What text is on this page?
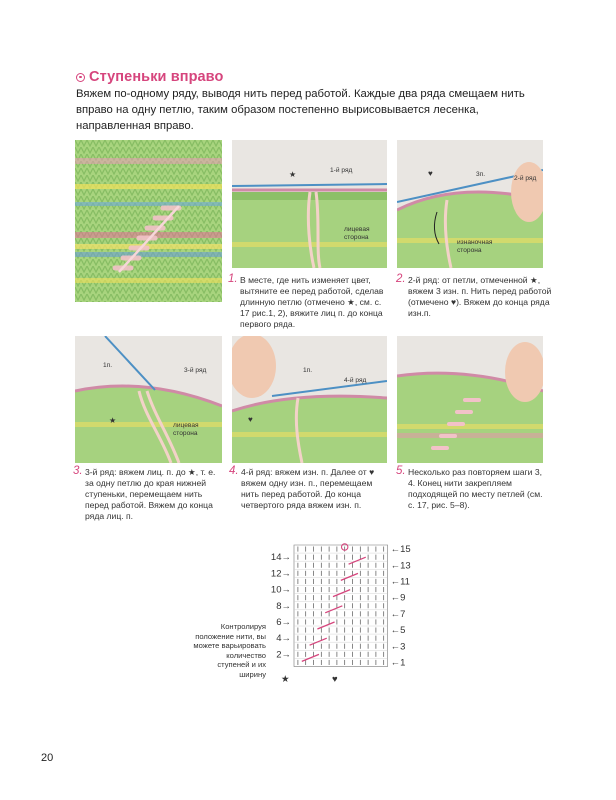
Ступеньки вправо
Вяжем по-одному ряду, выводя нить перед работой. Каждые два ряда смещаем нить вправо на одну петлю, таким образом постепенно вырисовывается лесенка, направленная вправо.
1-й ряд
лицевая сторона
★	3п.
2-й ряд
изнаночная сторона
♥
1. В месте, где нить изменяет цвет, вытяните ее перед работой, сделав длинную петлю (отмечено ★, см. с. 17 рис.1, 2), вяжите лиц п. до конца первого ряда.
2. 2-й ряд: от петли, отмеченной ★, вяжем 3 изн. п. Нить перед работой (отмечено ♥). Вяжем до конца ряда изн.п.
1п.
3-й ряд
лицевая сторона
★
1п.
4-й ряд
♥
3. 3-й ряд: вяжем лиц. п. до ★, т. е. за одну петлю до края нижней ступеньки, перемещаем нить перед работой. Вяжем до конца ряда лиц. п.
4. 4-й ряд: вяжем изн. п. Далее от ♥ вяжем одну изн. п., перемещаем нить перед работой. До конца четвертого ряда вяжем изн. п.
5. Несколько раз повторяем шаги 3, 4. Конец нити закрепляем подходящей по месту петлей (см. с. 17, рис. 5–8).
★	♥
←15
←13
←11
←9
←7
←5
←3
←1
14→
12→
10→
8→
6→
4→
2→
Контролируя положение нити, вы можете варьировать количество ступеней и их ширину
20
